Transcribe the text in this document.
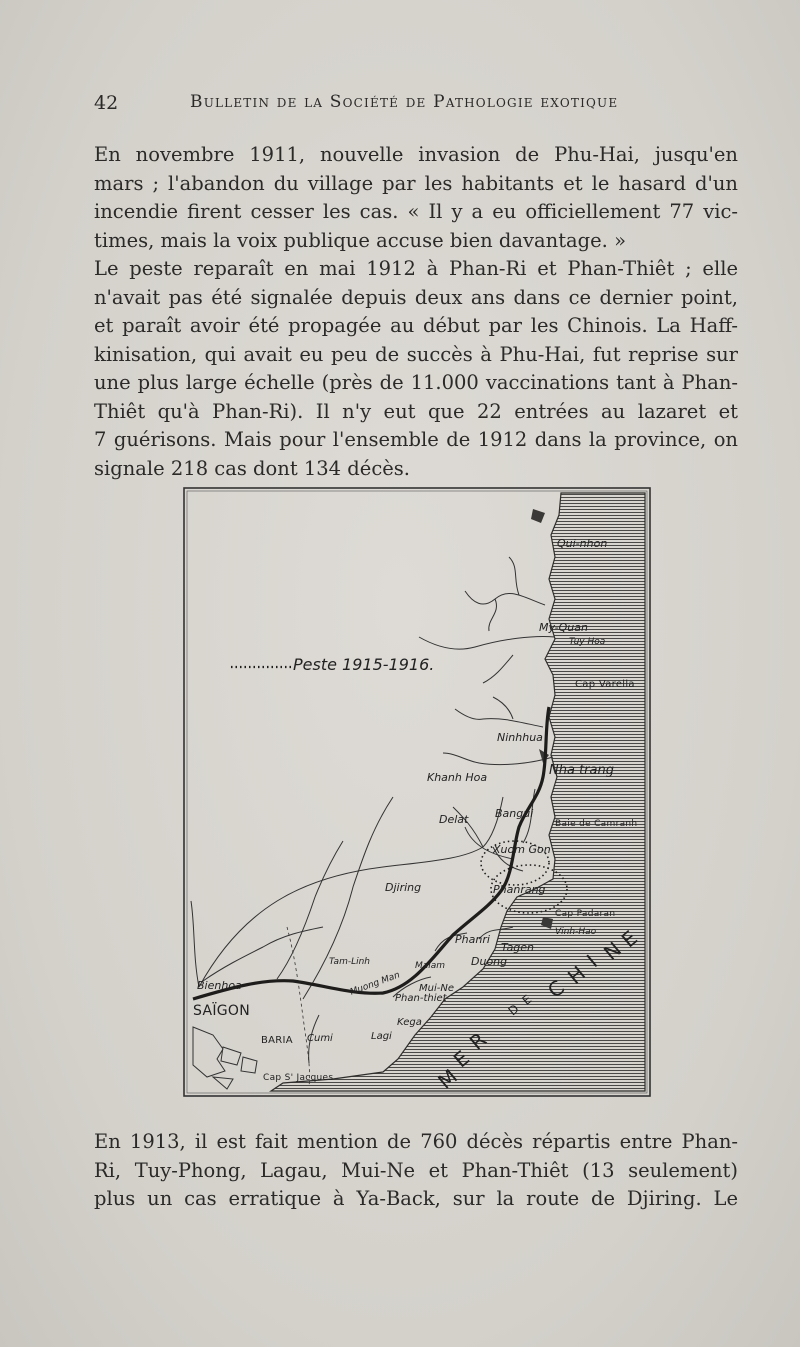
42	Bulletin de la Société de Pathologie exotique

En novembre 1911, nouvelle invasion de Phu-Hai, jusqu'en
mars ; l'abandon du village par les habitants et le hasard d'un
incendie firent cesser les cas. « Il y a eu officiellement 77 vic-
times, mais la voix publique accuse bien davantage. »

Le peste reparaît en mai 1912 à Phan-Ri et Phan-Thiêt ; elle
n'avait pas été signalée depuis deux ans dans ce dernier point,
et paraît avoir été propagée au début par les Chinois. La Haff-
kinisation, qui avait eu peu de succès à Phu-Hai, fut reprise sur
une plus large échelle (près de 11.000 vaccinations tant à Phan-
Thiêt qu'à Phan-Ri). Il n'y eut que 22 entrées au lazaret et
7 guérisons. Mais pour l'ensemble de 1912 dans la province, on
signale 218 cas dont 134 décès.

Peste 1915-1916.
Qui-nhon
My-Quan
Tuy Hoa
Cap Varella
Ninhhua
Nha trang
Khanh Hoa
Bangui
Baie de Camranh
Delat
Xuom Gon
Djiring	Phanrang
Cap Padaran
Vinh-Hao
Phanri
Tagen
Duong
Tam-Linh
Muong Man
Malam
Bienhoa
SAÏGON
Mui-Ne
Phan-thiet
BARIA Cumi	Lagi
Kega
Cap S' Jacques	M
E
R
D
E C
H
I
N
E

En 1913, il est fait mention de 760 décès répartis entre Phan-
Ri, Tuy-Phong, Lagau, Mui-Ne et Phan-Thiêt (13 seulement)
plus un cas erratique à Ya-Back, sur la route de Djiring. Le
